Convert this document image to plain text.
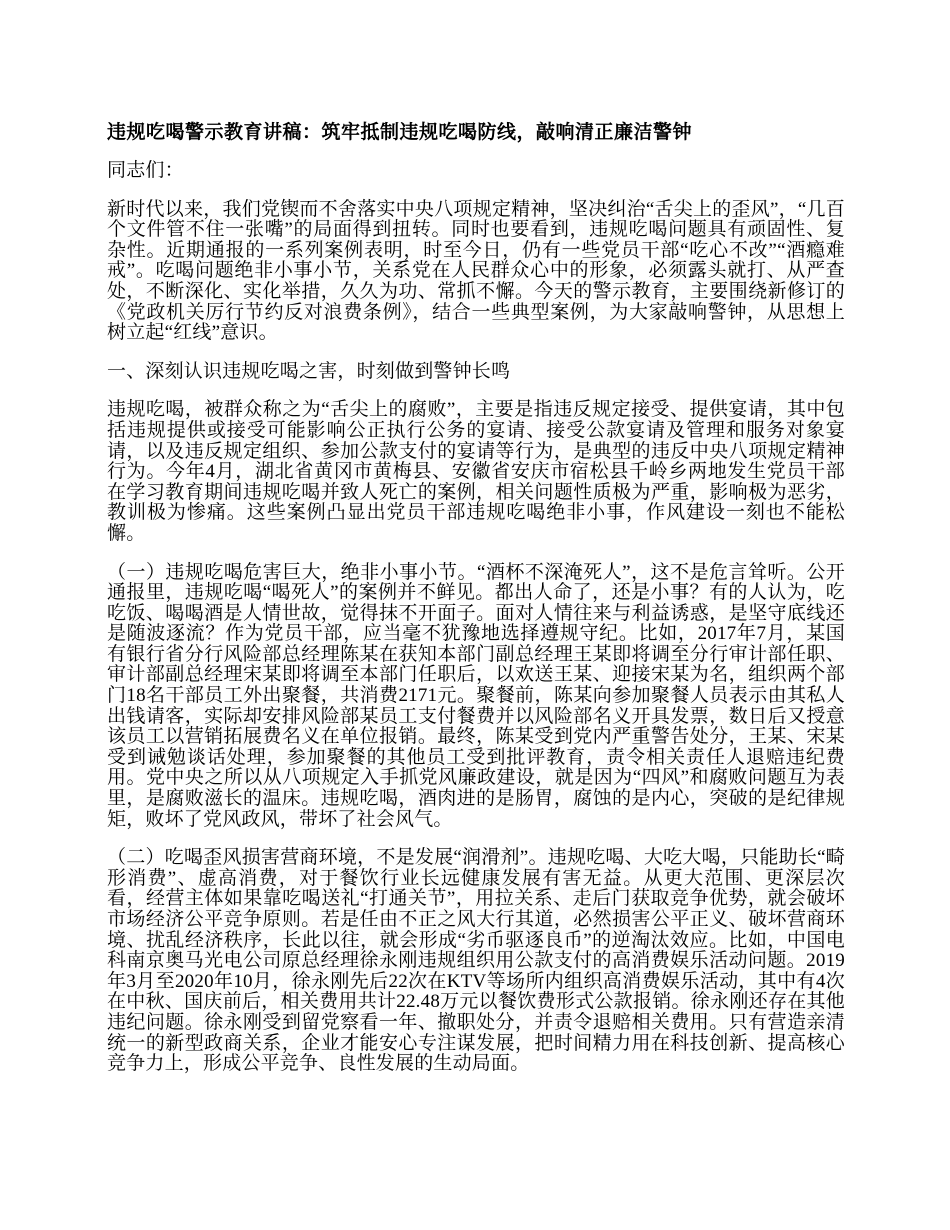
违规吃喝警示教育讲稿：筑牢抵制违规吃喝防线，敲响清正廉洁警钟

同志们：

新时代以来，我们党锲而不舍落实中央八项规定精神，坚决纠治“舌尖上的歪风”，“几百个文件管不住一张嘴”的局面得到扭转。同时也要看到，违规吃喝问题具有顽固性、复杂性。近期通报的一系列案例表明，时至今日，仍有一些党员干部“吃心不改”“酒瘾难戒”。吃喝问题绝非小事小节，关系党在人民群众心中的形象，必须露头就打、从严查处，不断深化、实化举措，久久为功、常抓不懈。今天的警示教育，主要围绕新修订的《党政机关厉行节约反对浪费条例》，结合一些典型案例，为大家敲响警钟，从思想上树立起“红线”意识。

一、深刻认识违规吃喝之害，时刻做到警钟长鸣

违规吃喝，被群众称之为“舌尖上的腐败”，主要是指违反规定接受、提供宴请，其中包括违规提供或接受可能影响公正执行公务的宴请、接受公款宴请及管理和服务对象宴请，以及违反规定组织、参加公款支付的宴请等行为，是典型的违反中央八项规定精神行为。今年4月，湖北省黄冈市黄梅县、安徽省安庆市宿松县千岭乡两地发生党员干部在学习教育期间违规吃喝并致人死亡的案例，相关问题性质极为严重，影响极为恶劣，教训极为惨痛。这些案例凸显出党员干部违规吃喝绝非小事，作风建设一刻也不能松懈。

（一）违规吃喝危害巨大，绝非小事小节。“酒杯不深淹死人”，这不是危言耸听。公开通报里，违规吃喝“喝死人”的案例并不鲜见。都出人命了，还是小事？有的人认为，吃吃饭、喝喝酒是人情世故，觉得抹不开面子。面对人情往来与利益诱惑，是坚守底线还是随波逐流？作为党员干部，应当毫不犹豫地选择遵规守纪。比如，2017年7月，某国有银行省分行风险部总经理陈某在获知本部门副总经理王某即将调至分行审计部任职、审计部副总经理宋某即将调至本部门任职后，以欢送王某、迎接宋某为名，组织两个部门18名干部员工外出聚餐，共消费2171元。聚餐前，陈某向参加聚餐人员表示由其私人出钱请客，实际却安排风险部某员工支付餐费并以风险部名义开具发票，数日后又授意该员工以营销拓展费名义在单位报销。最终，陈某受到党内严重警告处分，王某、宋某受到诫勉谈话处理，参加聚餐的其他员工受到批评教育，责令相关责任人退赔违纪费用。党中央之所以从八项规定入手抓党风廉政建设，就是因为“四风”和腐败问题互为表里，是腐败滋长的温床。违规吃喝，酒肉进的是肠胃，腐蚀的是内心，突破的是纪律规矩，败坏了党风政风，带坏了社会风气。

（二）吃喝歪风损害营商环境，不是发展“润滑剂”。违规吃喝、大吃大喝，只能助长“畸形消费”、虚高消费，对于餐饮行业长远健康发展有害无益。从更大范围、更深层次看，经营主体如果靠吃喝送礼“打通关节”，用拉关系、走后门获取竞争优势，就会破坏市场经济公平竞争原则。若是任由不正之风大行其道，必然损害公平正义、破坏营商环境、扰乱经济秩序，长此以往，就会形成“劣币驱逐良币”的逆淘汰效应。比如，中国电科南京奥马光电公司原总经理徐永刚违规组织用公款支付的高消费娱乐活动问题。2019年3月至2020年10月，徐永刚先后22次在KTV等场所内组织高消费娱乐活动，其中有4次在中秋、国庆前后，相关费用共计22.48万元以餐饮费形式公款报销。徐永刚还存在其他违纪问题。徐永刚受到留党察看一年、撤职处分，并责令退赔相关费用。只有营造亲清统一的新型政商关系，企业才能安心专注谋发展，把时间精力用在科技创新、提高核心竞争力上，形成公平竞争、良性发展的生动局面。
